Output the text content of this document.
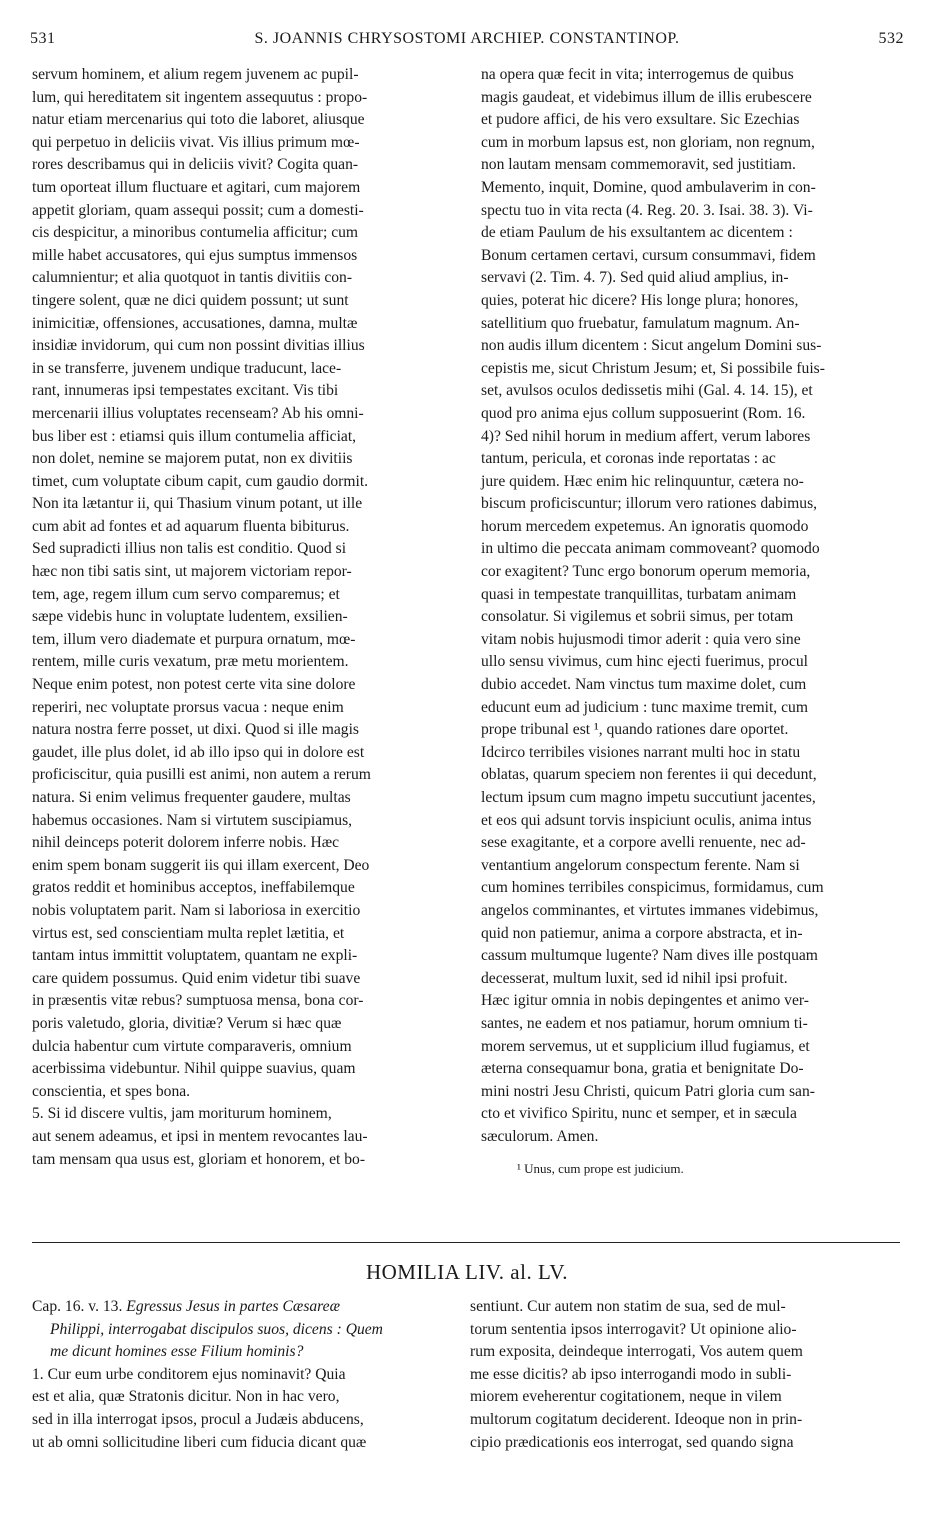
531	S. JOANNIS CHRYSOSTOMI ARCHIEP. CONSTANTINOP.	532

servum hominem, et alium regem juvenem ac pupil-

lum, qui hereditatem sit ingentem assequutus : propo-

natur etiam mercenarius qui toto die laboret, aliusque

qui perpetuo in deliciis vivat. Vis illius primum mœ-

rores describamus qui in deliciis vivit? Cogita quan-

tum oporteat illum fluctuare et agitari, cum majorem

appetit gloriam, quam assequi possit; cum a domesti-

cis despicitur, a minoribus contumelia afficitur; cum

mille habet accusatores, qui ejus sumptus immensos

calumnientur; et alia quotquot in tantis divitiis con-

tingere solent, quæ ne dici quidem possunt; ut sunt

inimicitiæ, offensiones, accusationes, damna, multæ

insidiæ invidorum, qui cum non possint divitias illius

in se transferre, juvenem undique traducunt, lace-

rant, innumeras ipsi tempestates excitant. Vis tibi

mercenarii illius voluptates recenseam? Ab his omni-

bus liber est : etiamsi quis illum contumelia afficiat,

non dolet, nemine se majorem putat, non ex divitiis

timet, cum voluptate cibum capit, cum gaudio dormit.

Non ita lætantur ii, qui Thasium vinum potant, ut ille

cum abit ad fontes et ad aquarum fluenta bibiturus.

Sed supradicti illius non talis est conditio. Quod si

hæc non tibi satis sint, ut majorem victoriam repor-

tem, age, regem illum cum servo comparemus; et

sæpe videbis hunc in voluptate ludentem, exsilien-

tem, illum vero diademate et purpura ornatum, mœ-

rentem, mille curis vexatum, præ metu morientem.

Neque enim potest, non potest certe vita sine dolore

reperiri, nec voluptate prorsus vacua : neque enim

natura nostra ferre posset, ut dixi. Quod si ille magis

gaudet, ille plus dolet, id ab illo ipso qui in dolore est

proficiscitur, quia pusilli est animi, non autem a rerum

natura. Si enim velimus frequenter gaudere, multas

habemus occasiones. Nam si virtutem suscipiamus,

nihil deinceps poterit dolorem inferre nobis. Hæc

enim spem bonam suggerit iis qui illam exercent, Deo

gratos reddit et hominibus acceptos, ineffabilemque

nobis voluptatem parit. Nam si laboriosa in exercitio

virtus est, sed conscientiam multa replet lætitia, et

tantam intus immittit voluptatem, quantam ne expli-

care quidem possumus. Quid enim videtur tibi suave

in præsentis vitæ rebus? sumptuosa mensa, bona cor-

poris valetudo, gloria, divitiæ? Verum si hæc quæ

dulcia habentur cum virtute comparaveris, omnium

acerbissima videbuntur. Nihil quippe suavius, quam

conscientia, et spes bona.

5. Si id discere vultis, jam moriturum hominem,

aut senem adeamus, et ipsi in mentem revocantes lau-

tam mensam qua usus est, gloriam et honorem, et bo-

na opera quæ fecit in vita; interrogemus de quibus

magis gaudeat, et videbimus illum de illis erubescere

et pudore affici, de his vero exsultare. Sic Ezechias

cum in morbum lapsus est, non gloriam, non regnum,

non lautam mensam commemoravit, sed justitiam.

Memento, inquit, Domine, quod ambulaverim in con-

spectu tuo in vita recta (4. Reg. 20. 3. Isai. 38. 3). Vi-

de etiam Paulum de his exsultantem ac dicentem :

Bonum certamen certavi, cursum consummavi, fidem

servavi (2. Tim. 4. 7). Sed quid aliud amplius, in-

quies, poterat hic dicere? His longe plura; honores,

satellitium quo fruebatur, famulatum magnum. An-

non audis illum dicentem : Sicut angelum Domini sus-

cepistis me, sicut Christum Jesum; et, Si possibile fuis-

set, avulsos oculos dedissetis mihi (Gal. 4. 14. 15), et

quod pro anima ejus collum supposuerint (Rom. 16.

4)? Sed nihil horum in medium affert, verum labores

tantum, pericula, et coronas inde reportatas : ac

jure quidem. Hæc enim hic relinquuntur, cætera no-

biscum proficiscuntur; illorum vero rationes dabimus,

horum mercedem expetemus. An ignoratis quomodo

in ultimo die peccata animam commoveant? quomodo

cor exagitent? Tunc ergo bonorum operum memoria,

quasi in tempestate tranquillitas, turbatam animam

consolatur. Si vigilemus et sobrii simus, per totam

vitam nobis hujusmodi timor aderit : quia vero sine

ullo sensu vivimus, cum hinc ejecti fuerimus, procul

dubio accedet. Nam vinctus tum maxime dolet, cum

educunt eum ad judicium : tunc maxime tremit, cum

prope tribunal est ¹, quando rationes dare oportet.

Idcirco terribiles visiones narrant multi hoc in statu

oblatas, quarum speciem non ferentes ii qui decedunt,

lectum ipsum cum magno impetu succutiunt jacentes,

et eos qui adsunt torvis inspiciunt oculis, anima intus

sese exagitante, et a corpore avelli renuente, nec ad-

ventantium angelorum conspectum ferente. Nam si

cum homines terribiles conspicimus, formidamus, cum

angelos comminantes, et virtutes immanes videbimus,

quid non patiemur, anima a corpore abstracta, et in-

cassum multumque lugente? Nam dives ille postquam

decesserat, multum luxit, sed id nihil ipsi profuit.

Hæc igitur omnia in nobis depingentes et animo ver-

santes, ne eadem et nos patiamur, horum omnium ti-

morem servemus, ut et supplicium illud fugiamus, et

æterna consequamur bona, gratia et benignitate Do-

mini nostri Jesu Christi, quicum Patri gloria cum san-

cto et vivifico Spiritu, nunc et semper, et in sæcula

sæculorum. Amen.

¹ Unus, cum prope est judicium.

HOMILIA LIV. al. LV.

Cap. 16. v. 13. Egressus Jesus in partes Cæsareæ

Philippi, interrogabat discipulos suos, dicens : Quem

me dicunt homines esse Filium hominis?

1. Cur eum urbe conditorem ejus nominavit? Quia

est et alia, quæ Stratonis dicitur. Non in hac vero,

sed in illa interrogat ipsos, procul a Judæis abducens,

ut ab omni sollicitudine liberi cum fiducia dicant quæ

sentiunt. Cur autem non statim de sua, sed de mul-

torum sententia ipsos interrogavit? Ut opinione alio-

rum exposita, deindeque interrogati, Vos autem quem

me esse dicitis? ab ipso interrogandi modo in subli-

miorem eveherentur cogitationem, neque in vilem

multorum cogitatum deciderent. Ideoque non in prin-

cipio prædicationis eos interrogat, sed quando signa
